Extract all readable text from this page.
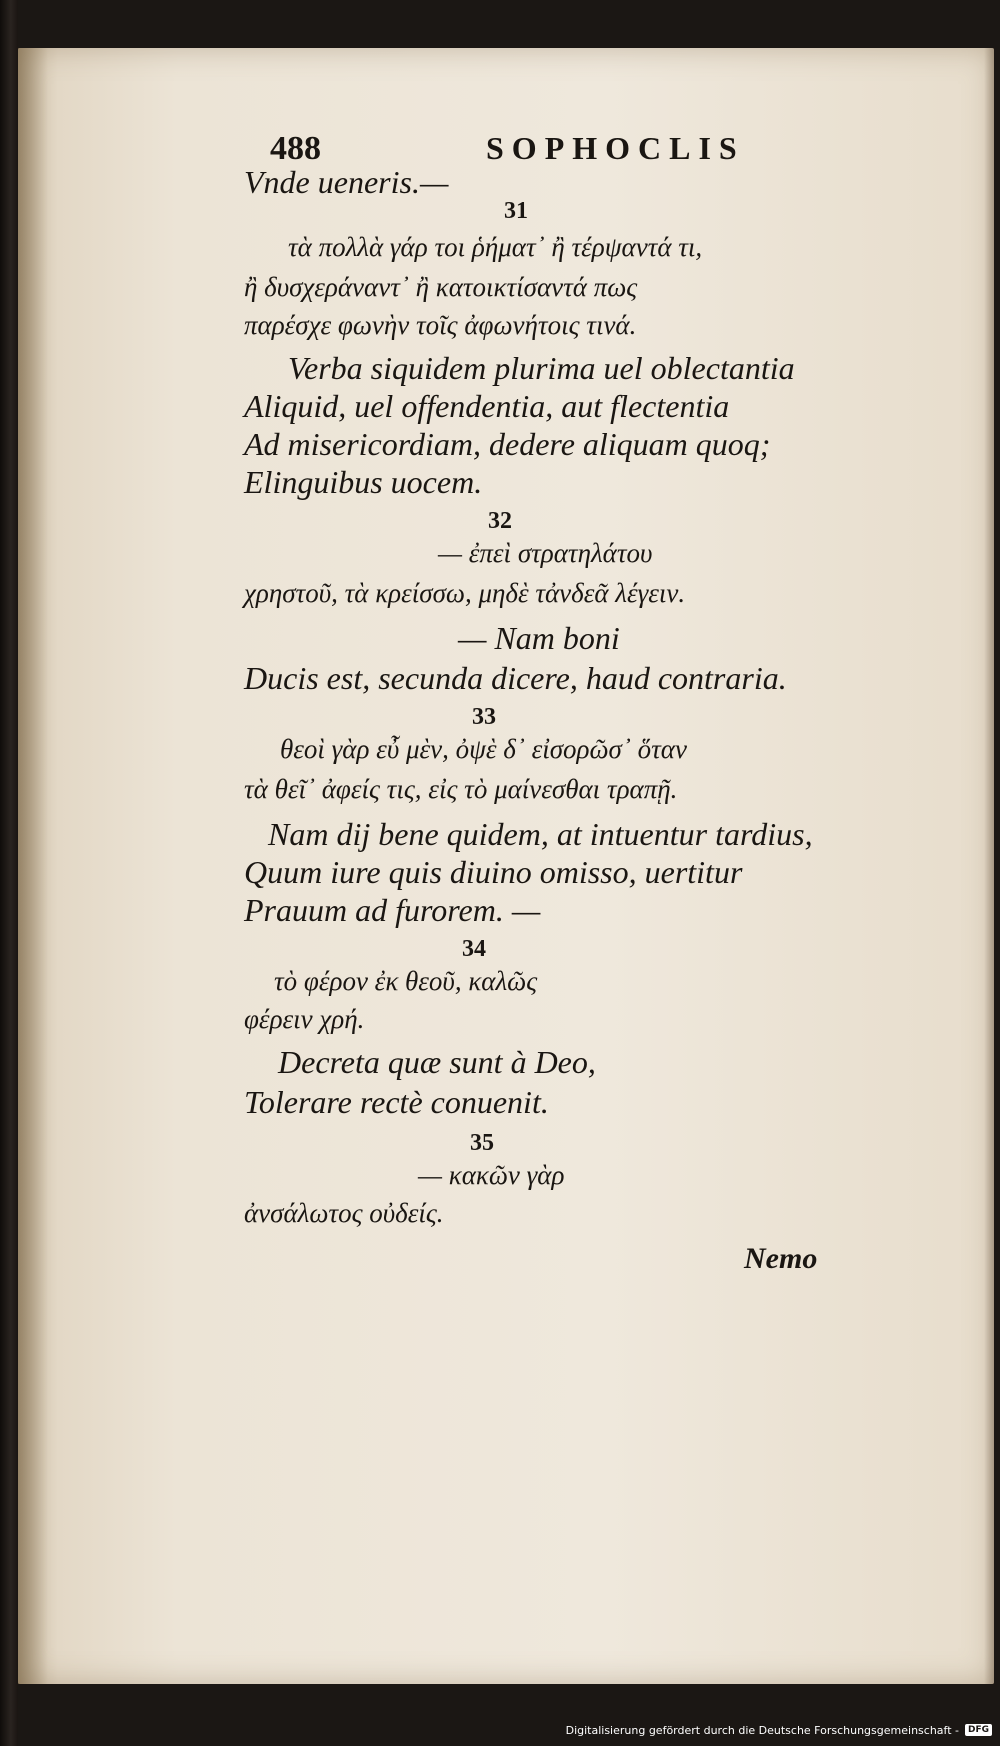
488	SOPHOCLIS
Vnde ueneris.—
31
τὰ πολλὰ γάρ τοι ῥήματ᾽ ἢ τέρψαντά τι,
ἢ δυσχεράναντ᾽ ἢ κατοικτίσαντά πως
παρέσχε φωνὴν τοῖς ἀφωνήτοις τινά.
Verba siquidem plurima uel oblectantia
Aliquid, uel offendentia, aut flectentia
Ad misericordiam, dedere aliquam quoq;
Elinguibus uocem.
32
— ἐπεὶ στρατηλάτου
χρηστοῦ, τὰ κρείσσω, μηδὲ τἀνδεᾶ λέγειν.
— Nam boni
Ducis est, secunda dicere, haud contraria.
33
θεοὶ γὰρ εὖ μὲν, ὀψὲ δ᾽ εἰσορῶσ᾽ ὅταν
τὰ θεῖ᾽ ἀφείς τις, εἰς τὸ μαίνεσθαι τραπῇ.
Nam dij bene quidem, at intuentur tardius,
Quum iure quis diuino omisso, uertitur
Prauum ad furorem. —
34
τὸ φέρον ἐκ θεοῦ, καλῶς
φέρειν χρή.
Decreta quæ sunt à Deo,
Tolerare rectè conuenit.
35
— κακῶν γὰρ
ἀνσάλωτος οὐδείς.
Nemo
Digitalisierung gefördert durch die Deutsche Forschungsgemeinschaft -	DFG
